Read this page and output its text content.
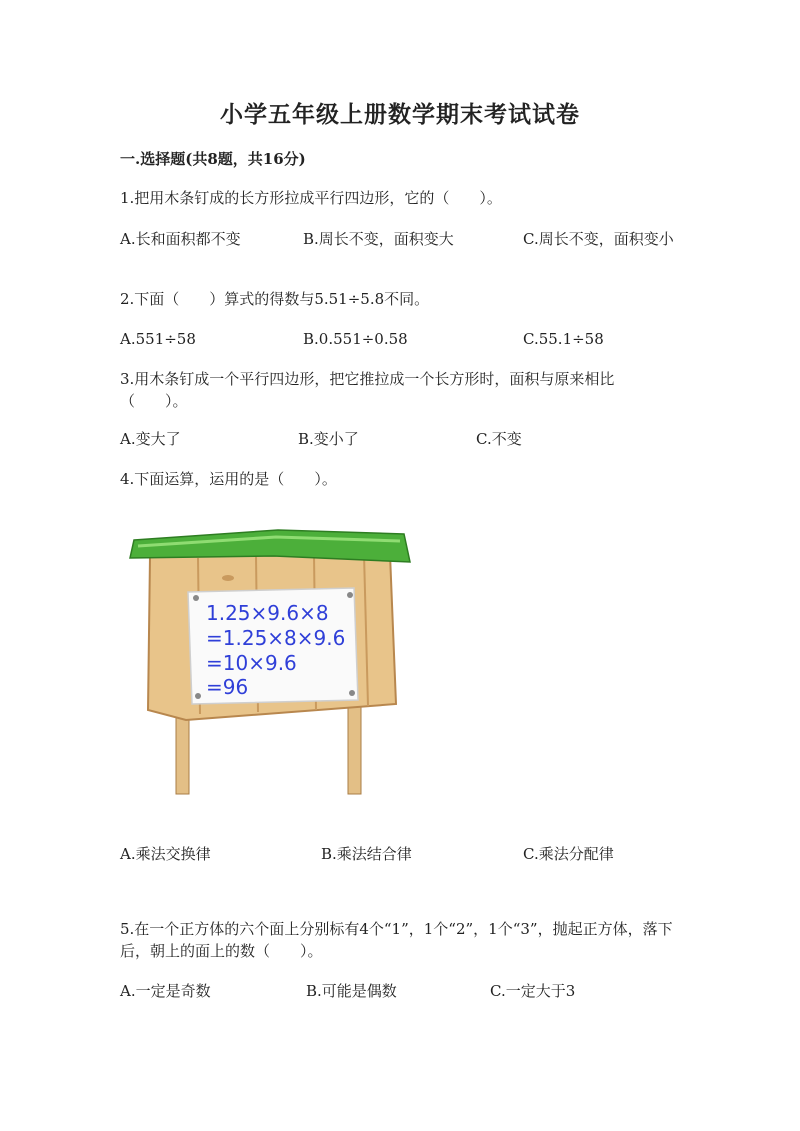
小学五年级上册数学期末考试试卷
一.选择题(共8题，共16分)
1.把用木条钉成的长方形拉成平行四边形，它的（　　）。
A.长和面积都不变	B.周长不变，面积变大	C.周长不变，面积变小
2.下面（　　）算式的得数与5.51÷5.8不同。
A.551÷58	B.0.551÷0.58	C.55.1÷58
3.用木条钉成一个平行四边形，把它推拉成一个长方形时，面积与原来相比（　　）。
A.变大了	B.变小了	C.不变
4.下面运算，运用的是（　　）。
1.25×9.6×8
=1.25×8×9.6
=10×9.6
=96
A.乘法交换律	B.乘法结合律	C.乘法分配律
5.在一个正方体的六个面上分别标有4个“1”，1个“2”，1个“3”，抛起正方体，落下后，朝上的面上的数（　　）。
A.一定是奇数	B.可能是偶数	C.一定大于3
